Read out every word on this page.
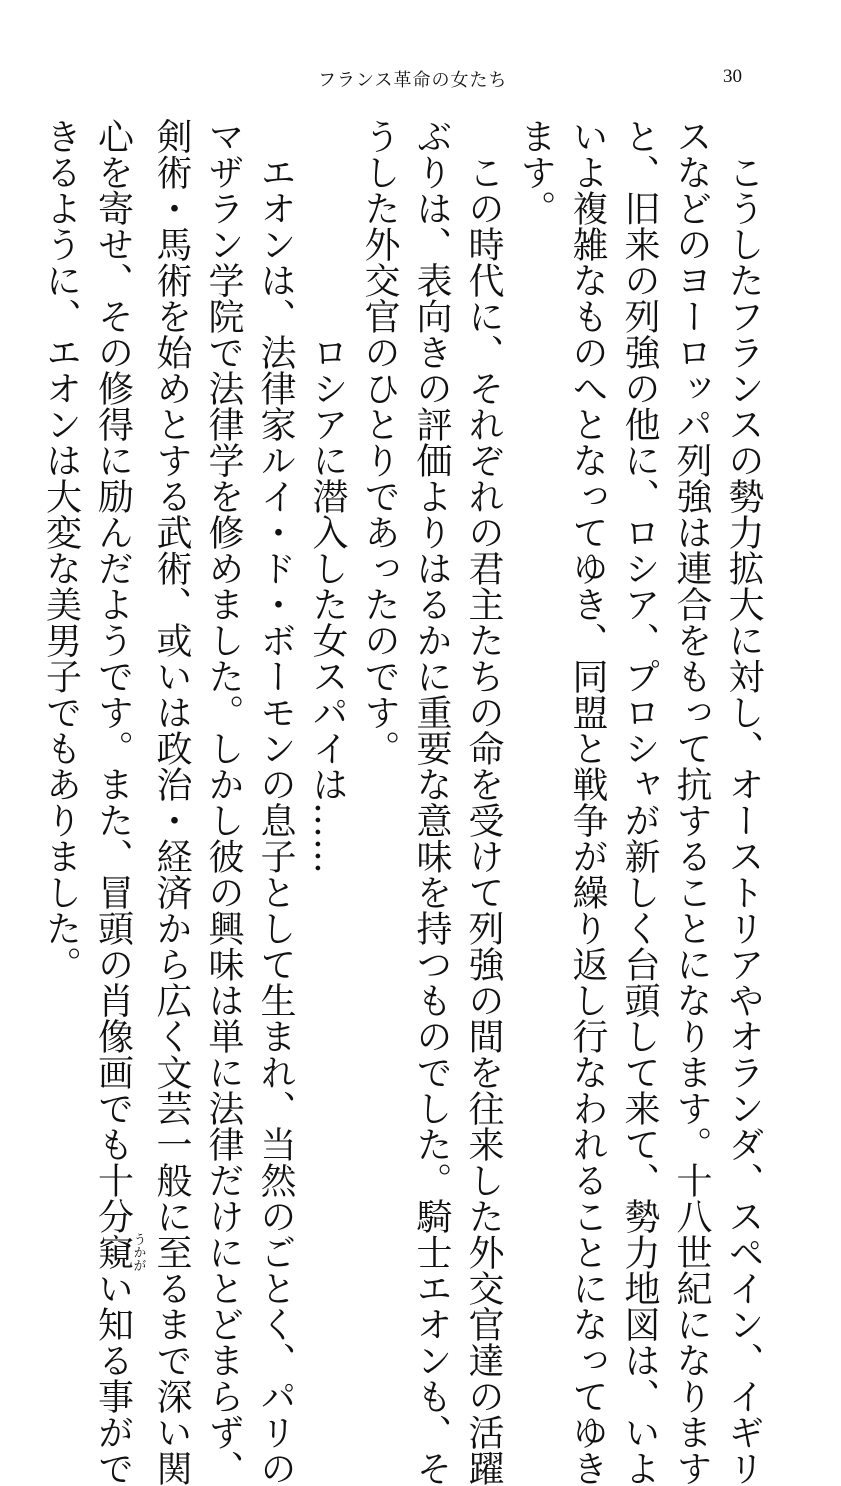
フランス革命の女たち	30
こうしたフランスの勢力拡大に対し、オーストリアやオランダ、スペイン、イギリ
スなどのヨーロッパ列強は連合をもって抗することになります。十八世紀になります
と、旧来の列強の他に、ロシア、プロシャが新しく台頭して来て、勢力地図は、いよ
いよ複雑なものへとなってゆき、同盟と戦争が繰り返し行なわれることになってゆき
ます。
この時代に、それぞれの君主たちの命を受けて列強の間を往来した外交官達の活躍
ぶりは、表向きの評価よりはるかに重要な意味を持つものでした。騎士エオンも、そ
うした外交官のひとりであったのです。
ロシアに潜入した女スパイは……
エオンは、法律家ルイ・ド・ボーモンの息子として生まれ、当然のごとく、パリの
マザラン学院で法律学を修めました。しかし彼の興味は単に法律だけにとどまらず、
剣術・馬術を始めとする武術、或いは政治・経済から広く文芸一般に至るまで深い関
心を寄せ、その修得に励んだようです。また、冒頭の肖像画でも十分窺うかがい知る事がで
きるように、エオンは大変な美男子でもありました。
